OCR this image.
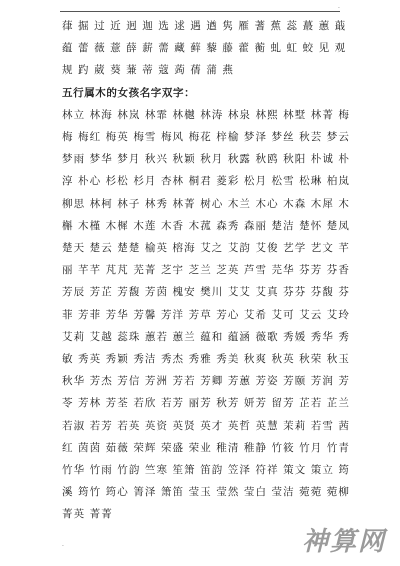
·

葎 掘 过 近 迥 迦 选 逑 遇 遒 隽 雁 蓍 蕉 蕊 蕞 蕙 蕺 蕴 蕾 薇 薏 薛 薪 薷 藏 藓 藜 藤 藿 蘅 虬 虹 蛟 见 观 规 趵 葳 葵 蒹 蒂 蔻 蒟 蒨 蒲 燕

五行属木的女孩名字双字：

林立 林海 林岚 林霏 林樾 林涛 林泉 林熙 林墅 林菁 梅梅 梅红 梅英 梅雪 梅风 梅花 梓榆 梦泽 梦丝 秋芸 梦云 梦雨 梦华 梦月 秋兴 秋颖 秋月 秋露 秋鸥 秋阳 朴诚 朴淳 朴心 杉松 杉月 杏林 桐君 菱彩 松月 松雪 松琳 柏岚 柳思 林柯 林子 林秀 林菁 树心 木兰 木心 木森 木犀 木槲 木槿 木樨 木莲 木香 木菰 森秀 森丽 楚洁 楚怀 楚凤 楚天 楚云 楚楚 榆英 榕海 艾之 艾韵 艾俊 艺学 艺文 芊丽 芊芊 芃芃 芜菁 芝宇 芝兰 芝英 芦雪 芫华 芬芳 芬香 芳辰 芳芷 芳馥 芳茵 槐安 樊川 艾艾 艾真 芬芬 芬馥 芬菲 芳菲 芳华 芳馨 芳洋 芳草 芳心 艾希 艾可 艾云 艾玲 艾莉 艾越 蕊珠 蕙若 蕙兰 蕴和 蕴涵 薇歌 秀媛 秀华 秀敏 秀英 秀颖 秀洁 秀杰 秀雅 秀美 秋爽 秋英 秋荣 秋玉 秋华 芳杰 芳信 芳洲 芳若 芳卿 芳蕙 芳姿 芳颐 芳润 芳苓 芳林 芳荃 若欣 若芳 丽芳 秋芳 妍芳 留芳 芷若 芷兰 若淑 若芳 若英 英资 英贤 英才 英哲 英慧 茉莉 若雪 茜红 茵茵 茹薇 荣辉 荣盛 荣业 稚清 稚静 竹筱 竹月 竹青 竹华 竹雨 竹韵 竺寒 笙箫 笛韵 笠泽 符祥 策文 策立 筠溪 筠竹 筠心 箐泽 箫笛 莹玉 莹然 莹白 莹洁 菀菀 菀柳 菁英 菁菁

·	神算网
